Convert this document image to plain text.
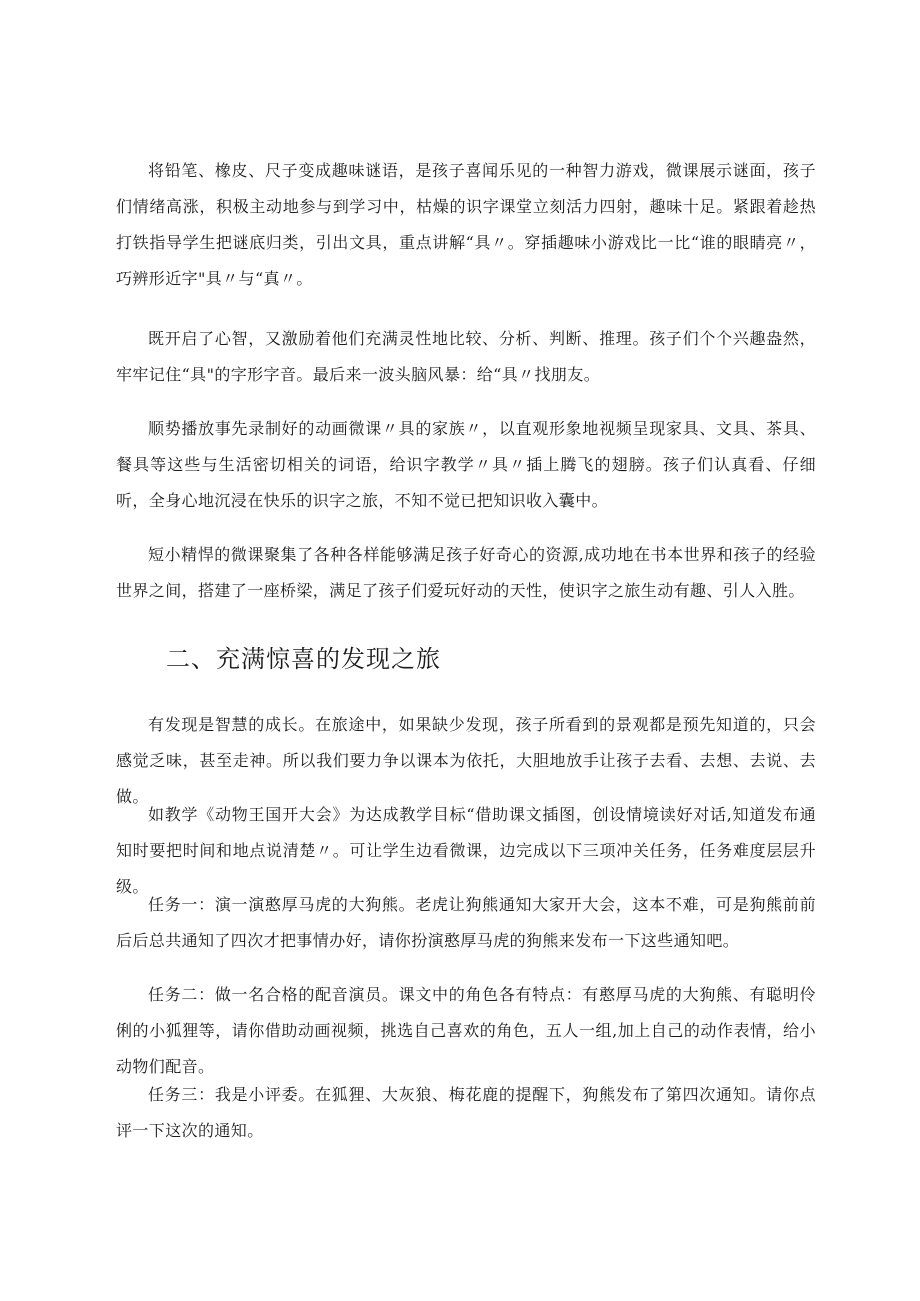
将铅笔、橡皮、尺子变成趣味谜语，是孩子喜闻乐见的一种智力游戏，微课展示谜面，孩子们情绪高涨，积极主动地参与到学习中，枯燥的识字课堂立刻活力四射，趣味十足。紧跟着趁热打铁指导学生把谜底归类，引出文具，重点讲解“具〃。穿插趣味小游戏比一比“谁的眼睛亮〃，巧辨形近字"具〃与“真〃。

既开启了心智，又激励着他们充满灵性地比较、分析、判断、推理。孩子们个个兴趣盎然，牢牢记住“具"的字形字音。最后来一波头脑风暴：给“具〃找朋友。

顺势播放事先录制好的动画微课〃具的家族〃，以直观形象地视频呈现家具、文具、茶具、餐具等这些与生活密切相关的词语，给识字教学〃具〃插上腾飞的翅膀。孩子们认真看、仔细听，全身心地沉浸在快乐的识字之旅，不知不觉已把知识收入囊中。

短小精悍的微课聚集了各种各样能够满足孩子好奇心的资源,成功地在书本世界和孩子的经验世界之间，搭建了一座桥梁，满足了孩子们爱玩好动的天性，使识字之旅生动有趣、引人入胜。

二、充满惊喜的发现之旅

有发现是智慧的成长。在旅途中，如果缺少发现，孩子所看到的景观都是预先知道的，只会感觉乏味，甚至走神。所以我们要力争以课本为依托，大胆地放手让孩子去看、去想、去说、去做。

如教学《动物王国开大会》为达成教学目标“借助课文插图，创设情境读好对话,知道发布通知时要把时间和地点说清楚〃。可让学生边看微课，边完成以下三项冲关任务，任务难度层层升级。

任务一：演一演憨厚马虎的大狗熊。老虎让狗熊通知大家开大会，这本不难，可是狗熊前前后后总共通知了四次才把事情办好，请你扮演憨厚马虎的狗熊来发布一下这些通知吧。

任务二：做一名合格的配音演员。课文中的角色各有特点：有憨厚马虎的大狗熊、有聪明伶俐的小狐狸等，请你借助动画视频，挑选自己喜欢的角色，五人一组,加上自己的动作表情，给小动物们配音。

任务三：我是小评委。在狐狸、大灰狼、梅花鹿的提醒下，狗熊发布了第四次通知。请你点评一下这次的通知。
